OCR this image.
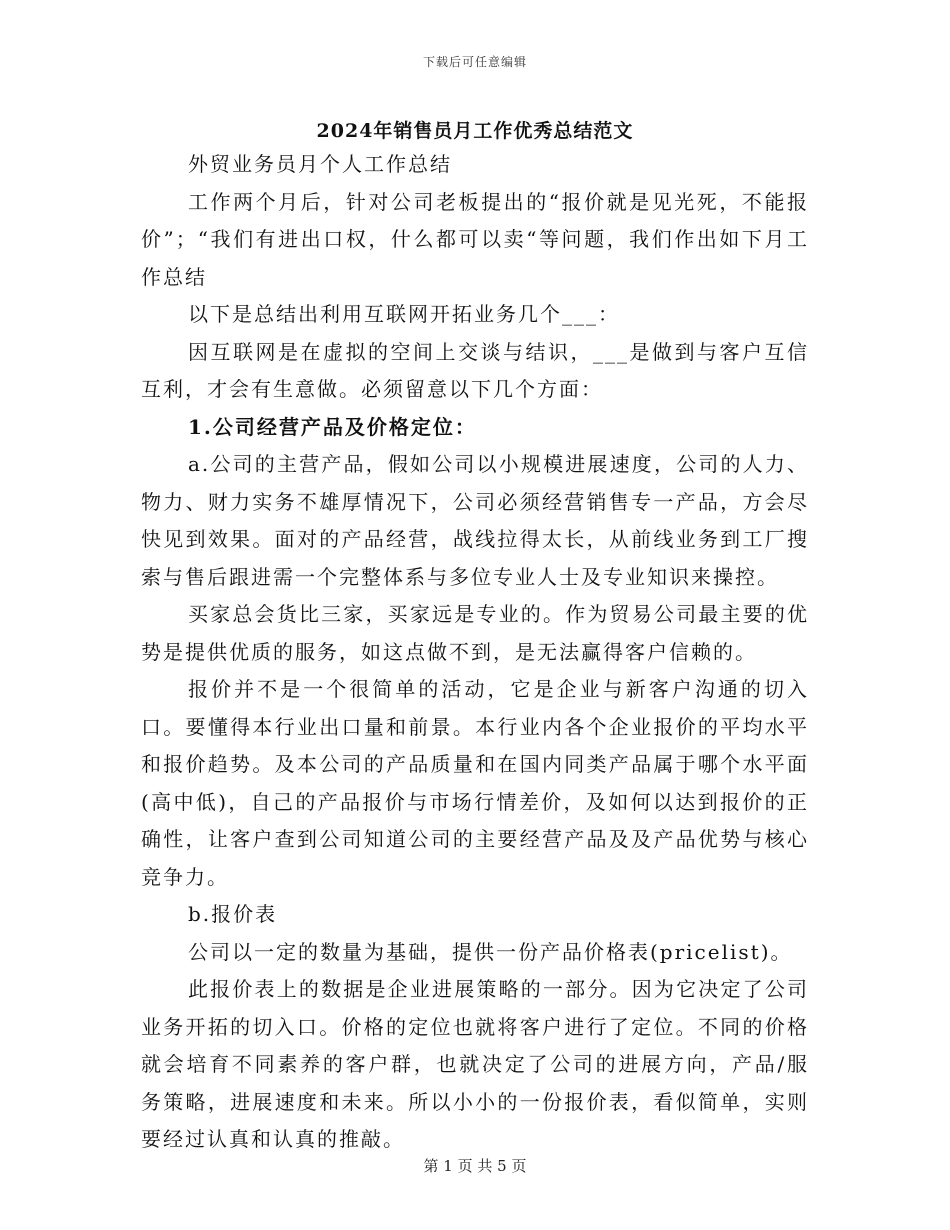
下载后可任意编辑
2024年销售员月工作优秀总结范文

外贸业务员月个人工作总结

工作两个月后，针对公司老板提出的“报价就是见光死，不能报价”；“我们有进出口权，什么都可以卖“等问题，我们作出如下月工作总结

以下是总结出利用互联网开拓业务几个___：

因互联网是在虚拟的空间上交谈与结识，___是做到与客户互信互利，才会有生意做。必须留意以下几个方面：

1.公司经营产品及价格定位：

a.公司的主营产品，假如公司以小规模进展速度，公司的人力、物力、财力实务不雄厚情况下，公司必须经营销售专一产品，方会尽快见到效果。面对的产品经营，战线拉得太长，从前线业务到工厂搜索与售后跟进需一个完整体系与多位专业人士及专业知识来操控。

买家总会货比三家，买家远是专业的。作为贸易公司最主要的优势是提供优质的服务，如这点做不到，是无法赢得客户信赖的。

报价并不是一个很简单的活动，它是企业与新客户沟通的切入口。要懂得本行业出口量和前景。本行业内各个企业报价的平均水平和报价趋势。及本公司的产品质量和在国内同类产品属于哪个水平面(高中低)，自己的产品报价与市场行情差价，及如何以达到报价的正确性，让客户查到公司知道公司的主要经营产品及及产品优势与核心竞争力。

b.报价表

公司以一定的数量为基础，提供一份产品价格表(pricelist)。

此报价表上的数据是企业进展策略的一部分。因为它决定了公司业务开拓的切入口。价格的定位也就将客户进行了定位。不同的价格就会培育不同素养的客户群，也就决定了公司的进展方向，产品/服务策略，进展速度和未来。所以小小的一份报价表，看似简单，实则要经过认真和认真的推敲。

第 1 页 共 5 页
